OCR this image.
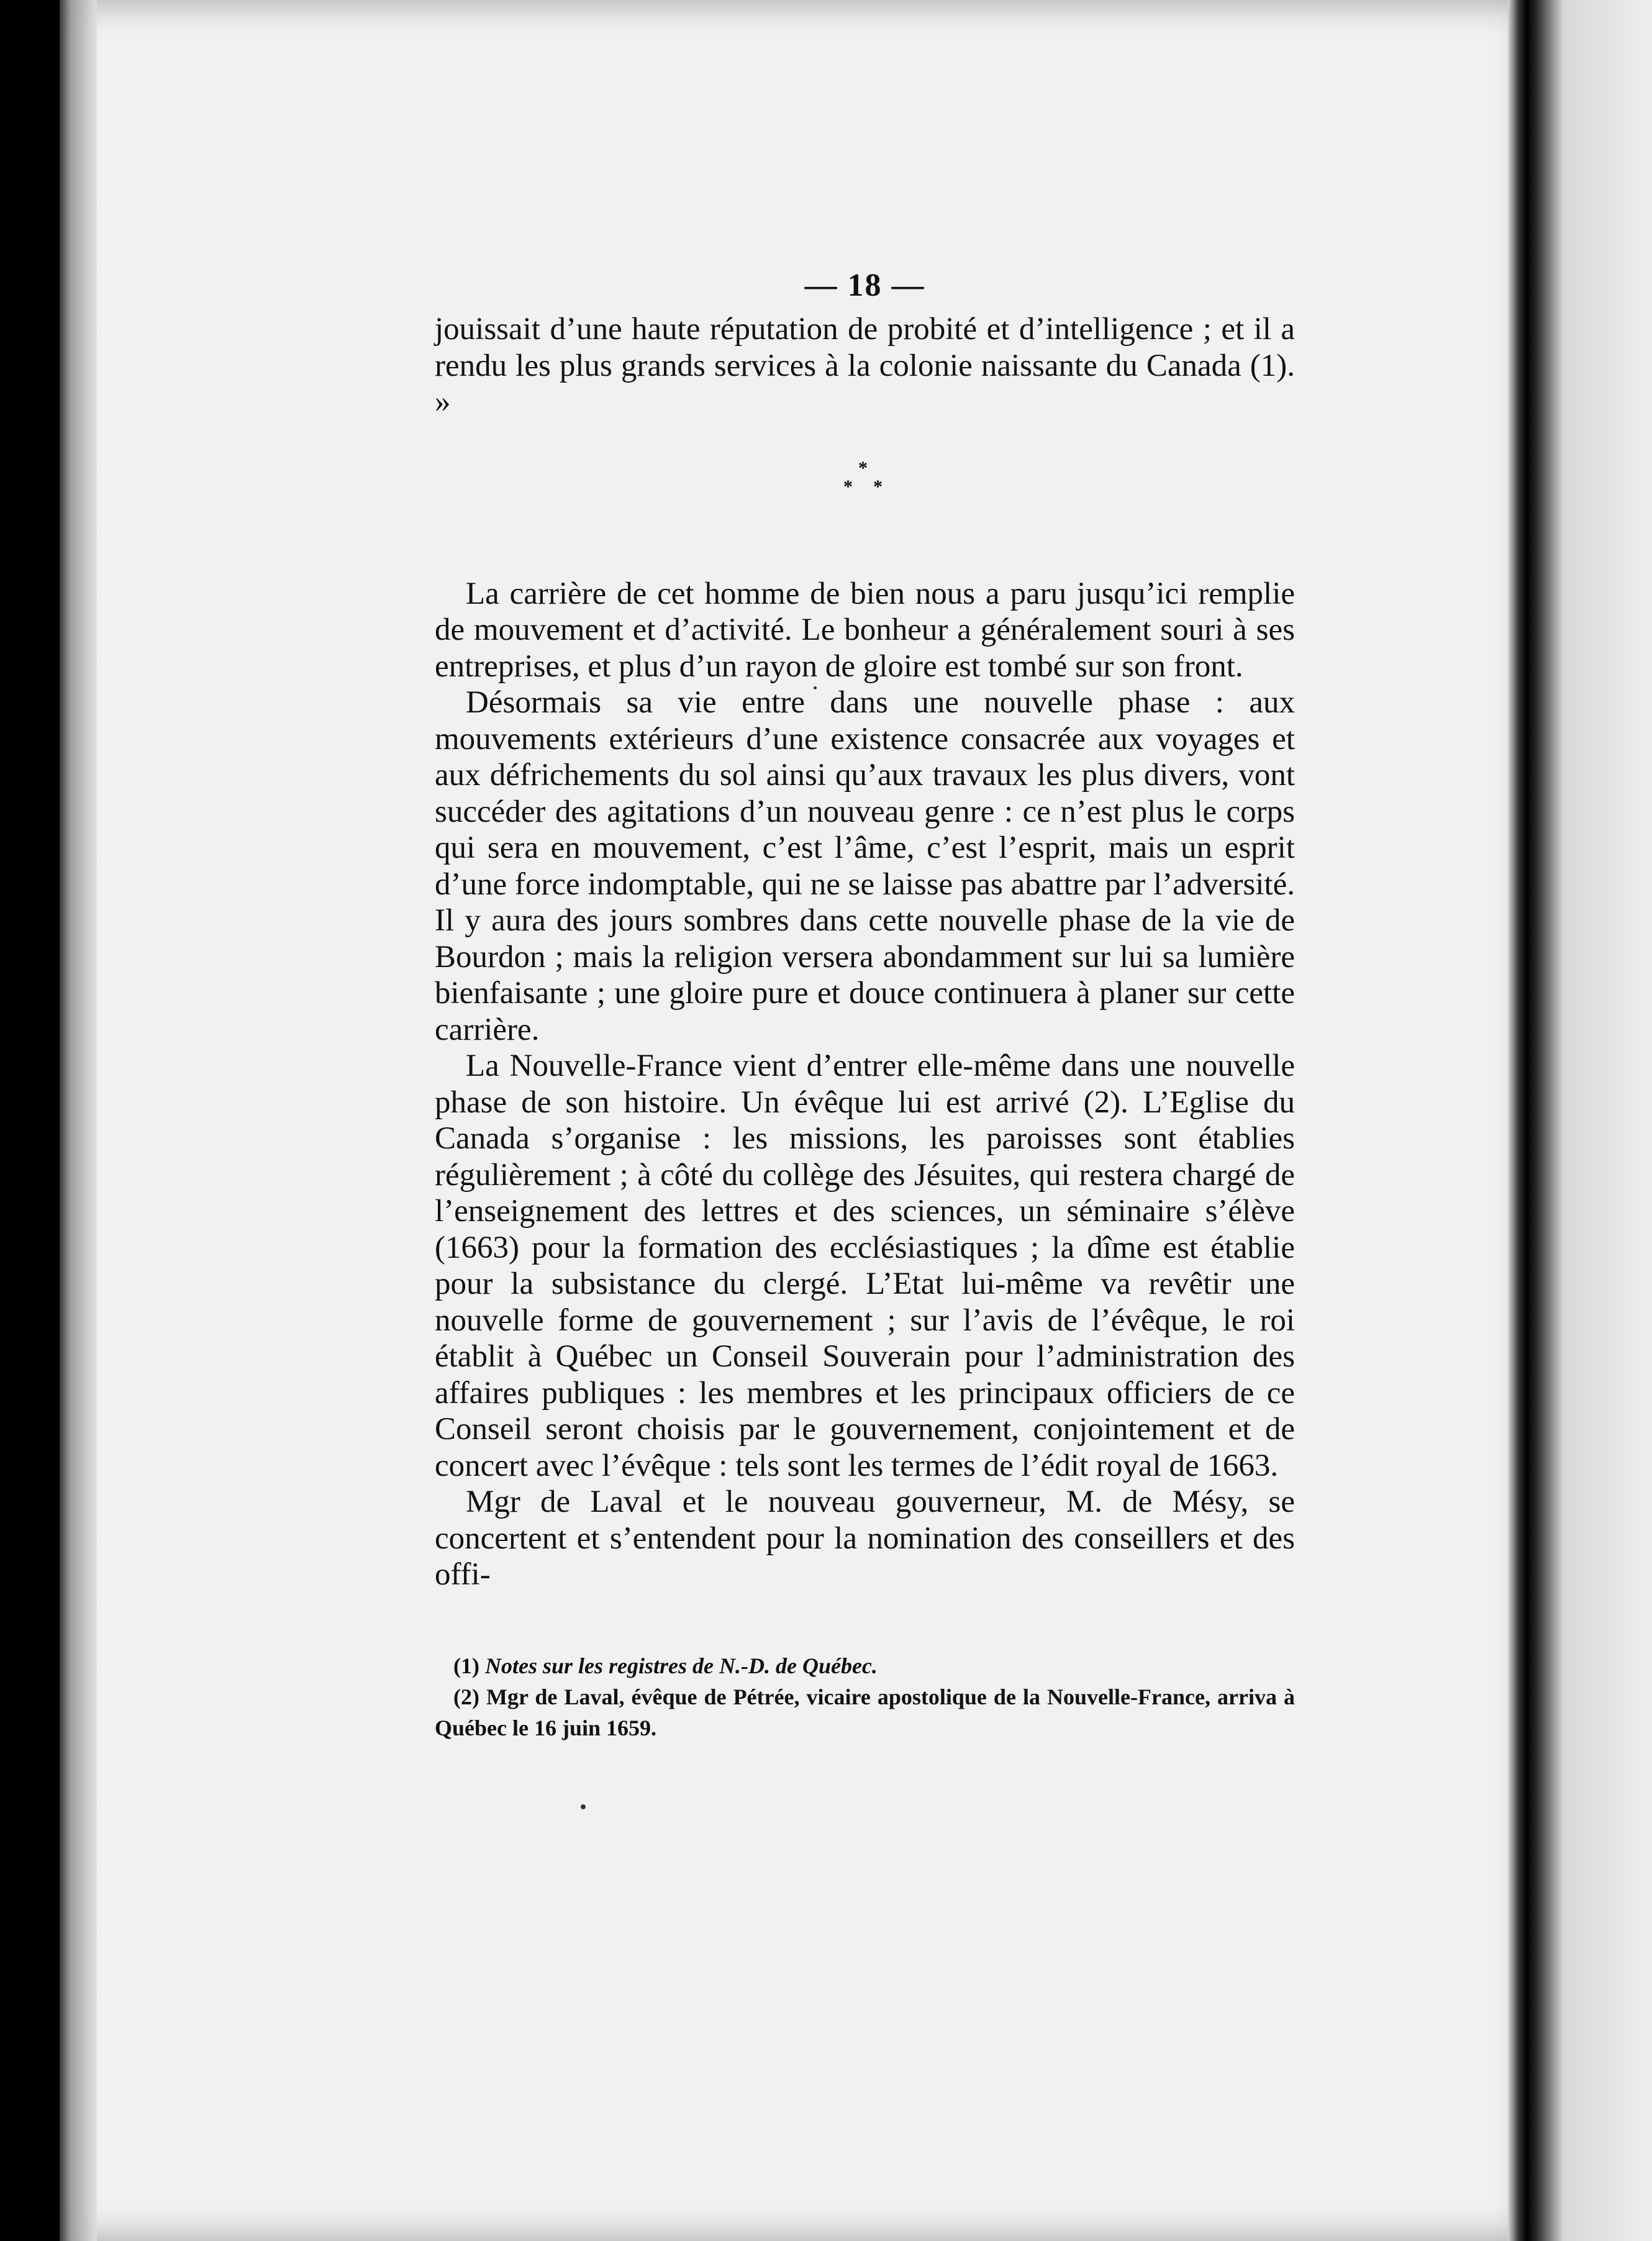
— 18 —

jouissait d’une haute réputation de probité et d’intelligence ; et il a rendu les plus grands services à la colonie naissante du Canada (1). »

*
* *

La carrière de cet homme de bien nous a paru jusqu’ici remplie de mouvement et d’activité. Le bonheur a généralement souri à ses entreprises, et plus d’un rayon de gloire est tombé sur son front.

Désormais sa vie entre dans une nouvelle phase : aux mouvements extérieurs d’une existence consacrée aux voyages et aux défrichements du sol ainsi qu’aux travaux les plus divers, vont succéder des agitations d’un nouveau genre : ce n’est plus le corps qui sera en mouvement, c’est l’âme, c’est l’esprit, mais un esprit d’une force indomptable, qui ne se laisse pas abattre par l’adversité. Il y aura des jours sombres dans cette nouvelle phase de la vie de Bourdon ; mais la religion versera abondamment sur lui sa lumière bienfaisante ; une gloire pure et douce continuera à planer sur cette carrière.

La Nouvelle-France vient d’entrer elle-même dans une nouvelle phase de son histoire. Un évêque lui est arrivé (2). L’Eglise du Canada s’organise : les missions, les paroisses sont établies régulièrement ; à côté du collège des Jésuites, qui restera chargé de l’enseignement des lettres et des sciences, un séminaire s’élève (1663) pour la formation des ecclésiastiques ; la dîme est établie pour la subsistance du clergé. L’Etat lui-même va revêtir une nouvelle forme de gouvernement ; sur l’avis de l’évêque, le roi établit à Québec un Conseil Souverain pour l’administration des affaires publiques : les membres et les principaux officiers de ce Conseil seront choisis par le gouvernement, conjointement et de concert avec l’évêque : tels sont les termes de l’édit royal de 1663.

Mgr de Laval et le nouveau gouverneur, M. de Mésy, se concertent et s’entendent pour la nomination des conseillers et des offi-

(1) Notes sur les registres de N.-D. de Québec.

(2) Mgr de Laval, évêque de Pétrée, vicaire apostolique de la Nouvelle-France, arriva à Québec le 16 juin 1659.
